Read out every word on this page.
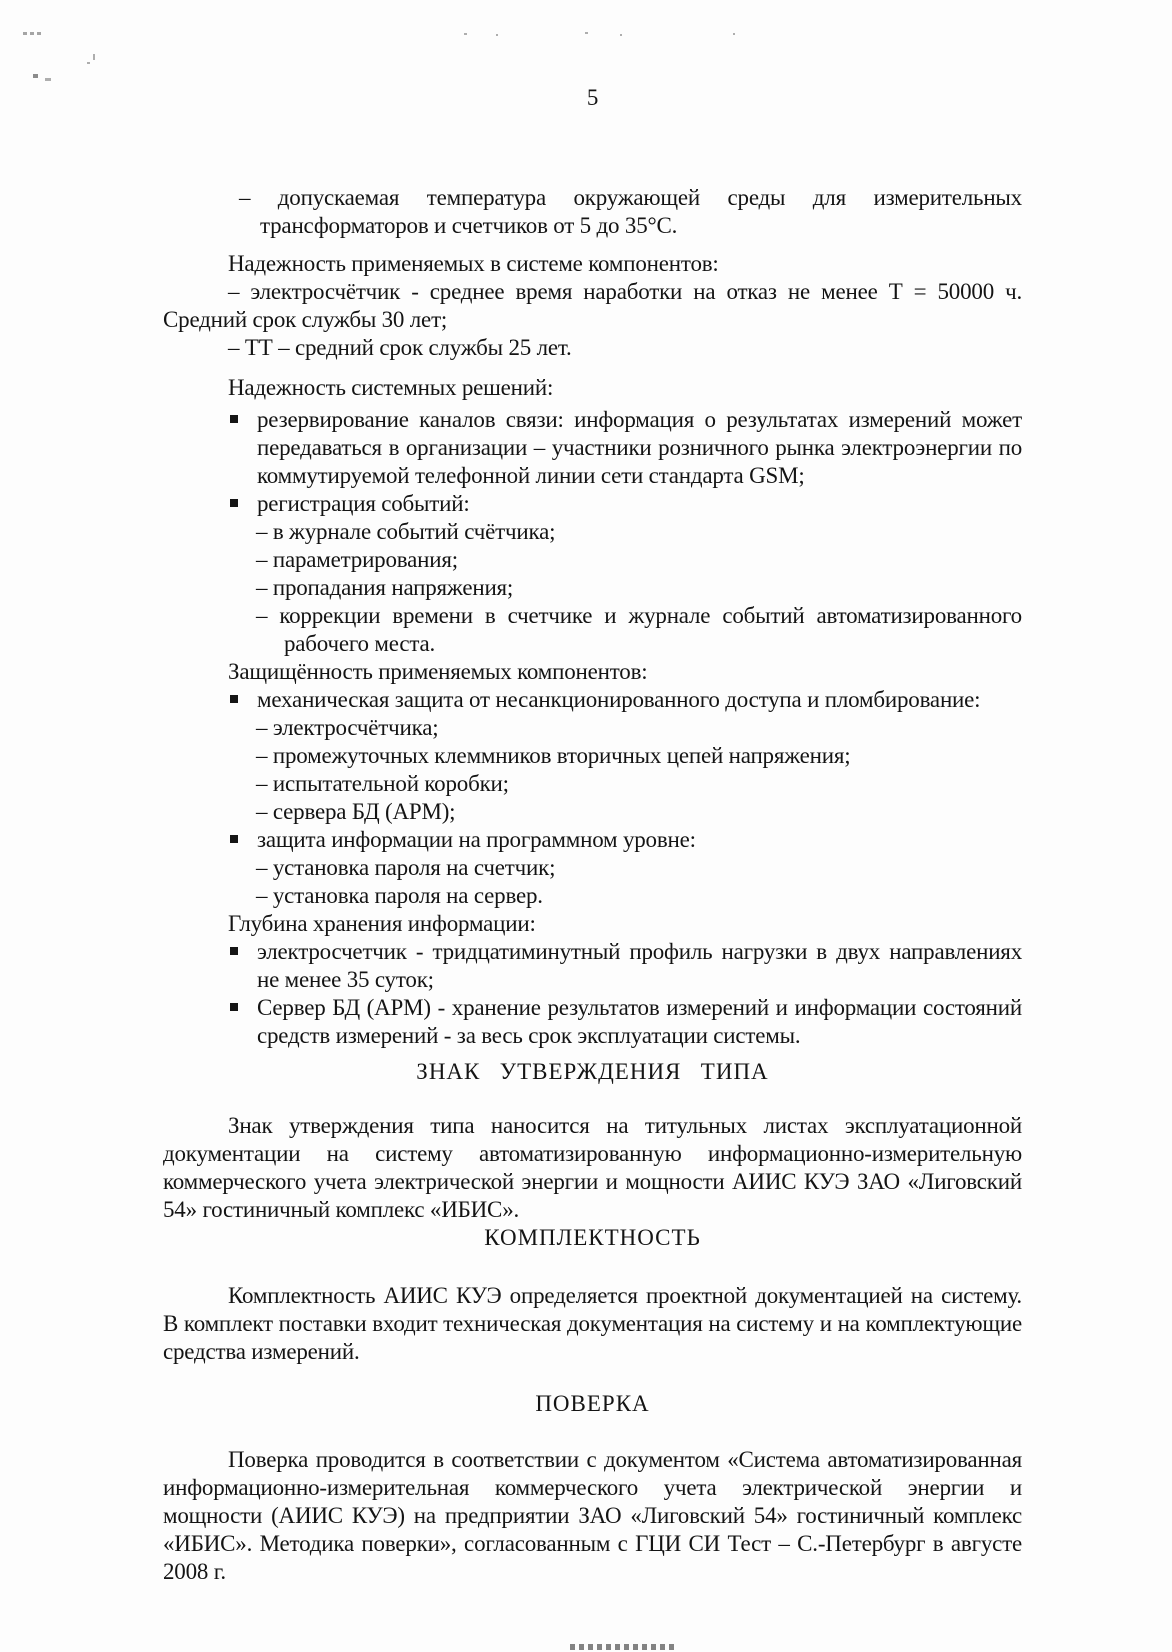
5

– допускаемая температура окружающей среды для измерительных трансформаторов и счетчиков от 5 до 35°С.

Надежность применяемых в системе компонентов:

– электросчётчик - среднее время наработки на отказ не менее Т = 50000 ч. Средний срок службы 30 лет;

– ТТ – средний срок службы 25 лет.

Надежность системных решений:

резервирование каналов связи: информация о результатах измерений может передаваться в организации – участники розничного рынка электроэнергии по коммутируемой телефонной линии сети стандарта GSM;
регистрация событий:

– в журнале событий счётчика;

– параметрирования;

– пропадания напряжения;

– коррекции времени в счетчике и журнале событий автоматизированного рабочего места.

Защищённость применяемых компонентов:

механическая защита от несанкционированного доступа и пломбирование:

– электросчётчика;

– промежуточных клеммников вторичных цепей напряжения;

– испытательной коробки;

– сервера БД (АРМ);

защита информации на программном уровне:

– установка пароля на счетчик;

– установка пароля на сервер.

Глубина хранения информации:

электросчетчик - тридцатиминутный профиль нагрузки в двух направлениях не менее 35 суток;
Сервер БД (АРМ) - хранение результатов измерений и информации состояний средств измерений - за весь срок эксплуатации системы.

ЗНАК УТВЕРЖДЕНИЯ ТИПА

Знак утверждения типа наносится на титульных листах эксплуатационной документации на систему автоматизированную информационно-измерительную коммерческого учета электрической энергии и мощности АИИС КУЭ ЗАО «Лиговский 54» гостиничный комплекс «ИБИС».

КОМПЛЕКТНОСТЬ

Комплектность АИИС КУЭ определяется проектной документацией на систему. В комплект поставки входит техническая документация на систему и на комплектующие средства измерений.

ПОВЕРКА

Поверка проводится в соответствии с документом «Система автоматизированная информационно-измерительная коммерческого учета электрической энергии и мощности (АИИС КУЭ) на предприятии ЗАО «Лиговский 54» гостиничный комплекс «ИБИС». Методика поверки», согласованным с ГЦИ СИ Тест – С.-Петербург в августе 2008 г.
